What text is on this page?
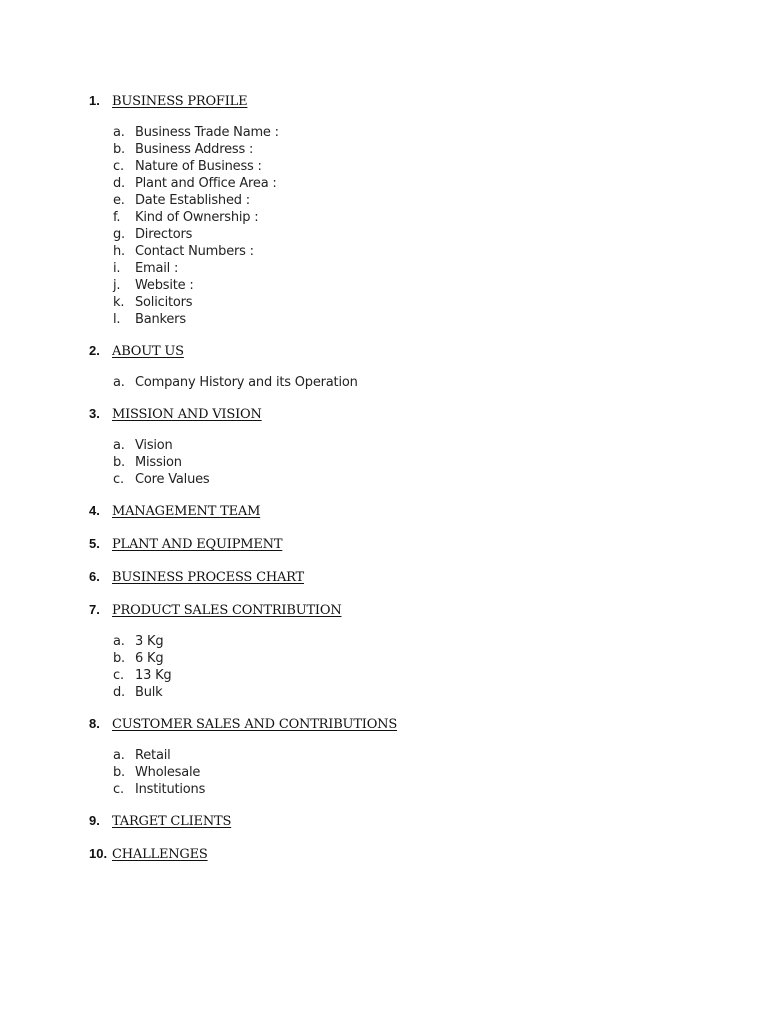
1. BUSINESS PROFILE
a. Business Trade Name :
b. Business Address :
c. Nature of Business :
d. Plant and Office Area :
e. Date Established :
f.	Kind of Ownership :
g. Directors
h. Contact Numbers :
i.	Email :
j.	Website :
k. Solicitors
l.	Bankers
2. ABOUT US
a. Company History and its Operation
3. MISSION AND VISION
a. Vision
b. Mission
c. Core Values
4. MANAGEMENT TEAM
5. PLANT AND EQUIPMENT
6. BUSINESS PROCESS CHART
7. PRODUCT SALES CONTRIBUTION
a. 3 Kg
b. 6 Kg
c. 13 Kg
d. Bulk
8. CUSTOMER SALES AND CONTRIBUTIONS
a. Retail
b. Wholesale
c. Institutions
9. TARGET CLIENTS
10. CHALLENGES
